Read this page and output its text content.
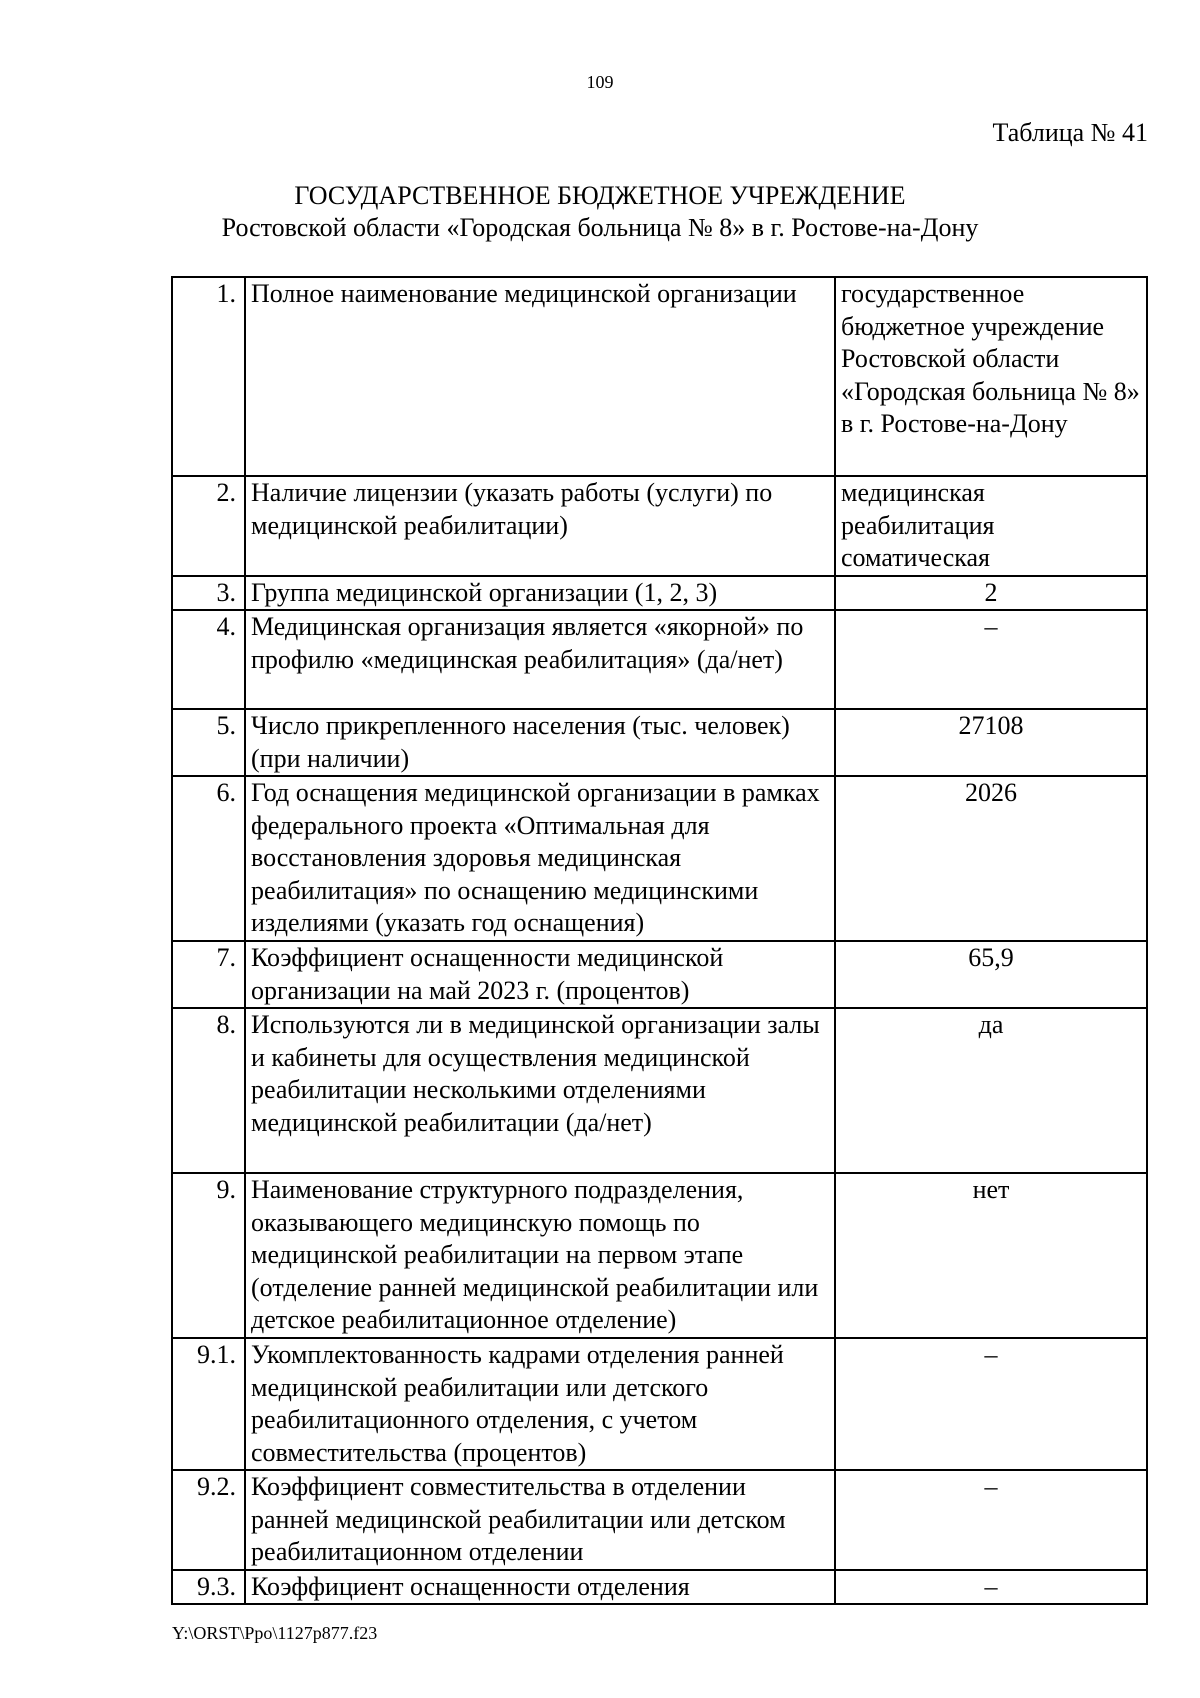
109
Таблица № 41
ГОСУДАРСТВЕННОЕ БЮДЖЕТНОЕ УЧРЕЖДЕНИЕ
Ростовской области «Городская больница № 8» в г. Ростове-на-Дону
1.	Полное наименование медицинской организации	государственное бюджетное учреждение Ростовской области «Городская больница № 8» в г. Ростове-на-Дону
2.	Наличие лицензии (указать работы (услуги) по медицинской реабилитации)	медицинская реабилитация соматическая
3.	Группа медицинской организации (1, 2, 3)	2
4.	Медицинская организация является «якорной» по профилю «медицинская реабилитация» (да/нет)	–
5.	Число прикрепленного населения (тыс. человек) (при наличии)	27108
6.	Год оснащения медицинской организации в рамках федерального проекта «Оптимальная для восстановления здоровья медицинская реабилитация» по оснащению медицинскими изделиями (указать год оснащения)	2026
7.	Коэффициент оснащенности медицинской организации на май 2023 г. (процентов)	65,9
8.	Используются ли в медицинской организации залы и кабинеты для осуществления медицинской реабилитации несколькими отделениями медицинской реабилитации (да/нет)	да
9.	Наименование структурного подразделения, оказывающего медицинскую помощь по медицинской реабилитации на первом этапе (отделение ранней медицинской реабилитации или детское реабилитационное отделение)	нет
9.1.	Укомплектованность кадрами отделения ранней медицинской реабилитации или детского реабилитационного отделения, с учетом совместительства (процентов)	–
9.2.	Коэффициент совместительства в отделении ранней медицинской реабилитации или детском реабилитационном отделении	–
9.3.	Коэффициент оснащенности отделения	–
Y:\ORST\Ppo\1127p877.f23
